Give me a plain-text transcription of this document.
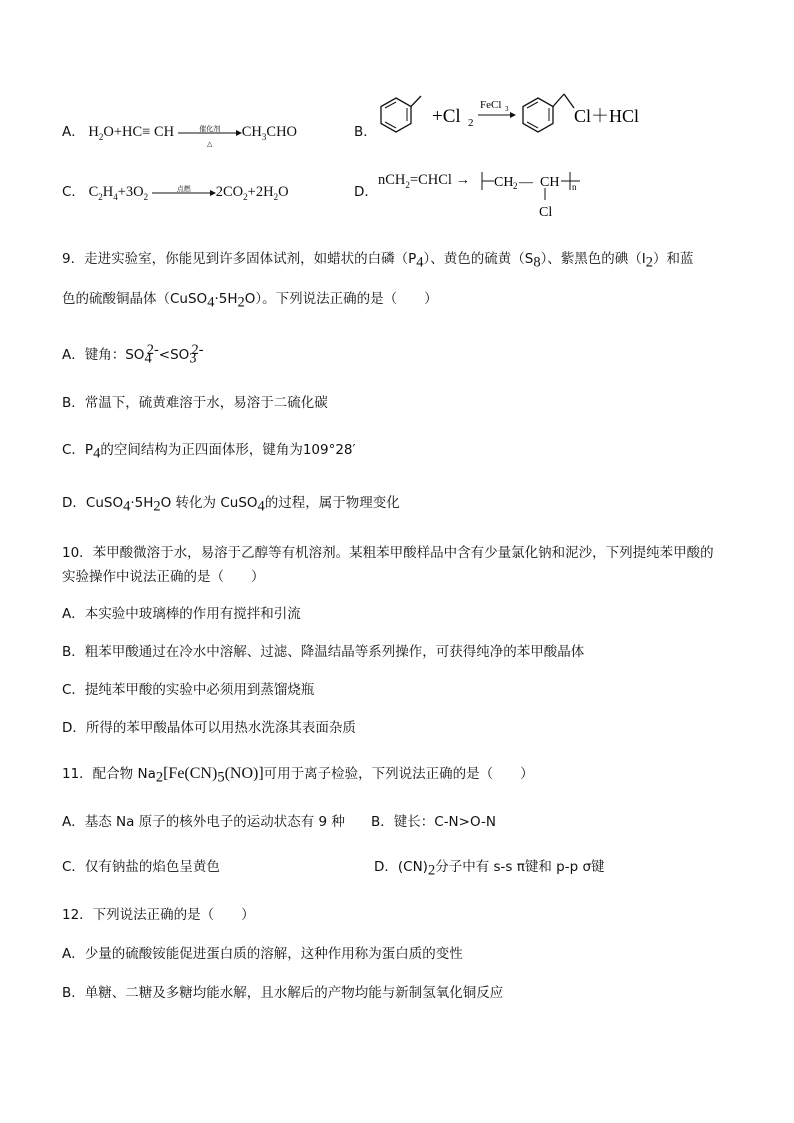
A． $H_2O+HC\equiv$ CH	催化剂
△
$CH_3CHO$	B．
+Cl 2
FeCl 3	Cl＋HCl
C． $C_2H_4+3O_2$
点燃	$2CO_2+2H_2O$	D．
nCH$_2$=CHCl → CH 2 — CH
Cl
n
9．走进实验室，你能见到许多固体试剂，如蜡状的白磷$(P_4)$、黄色的硫黄$(S_8)$、紫黑色的碘$(I_2)$和蓝
色的硫酸铜晶体$(CuSO_4\cdot 5H_2O)$。下列说法正确的是（　　）
A．键角：$SO_4^{2-}<SO_3^{2-}$
B．常温下，硫黄难溶于水，易溶于二硫化碳
C．$P_4$的空间结构为正四面体形，键角为109°28′
D．$CuSO_4\cdot 5H_2O$ 转化为 CuSO$_4$的过程，属于物理变化
10．苯甲酸微溶于水，易溶于乙醇等有机溶剂。某粗苯甲酸样品中含有少量氯化钠和泥沙，下列提纯苯甲酸的
实验操作中说法正确的是（　　）
A．本实验中玻璃棒的作用有搅拌和引流
B．粗苯甲酸通过在冷水中溶解、过滤、降温结晶等系列操作，可获得纯净的苯甲酸晶体
C．提纯苯甲酸的实验中必须用到蒸馏烧瓶
D．所得的苯甲酸晶体可以用热水洗涤其表面杂质
11．配合物 $Na_2[Fe(CN)_5(NO)]$可用于离子检验，下列说法正确的是（　　）
A．基态 Na 原子的核外电子的运动状态有 9 种 B．键长：C-N>O-N
C．仅有钠盐的焰色呈黄色	D．$(CN)_2$分子中有 s-s π键和 p-p σ键
12．下列说法正确的是（　　）
A．少量的硫酸铵能促进蛋白质的溶解，这种作用称为蛋白质的变性
B．单糖、二糖及多糖均能水解，且水解后的产物均能与新制氢氧化铜反应
